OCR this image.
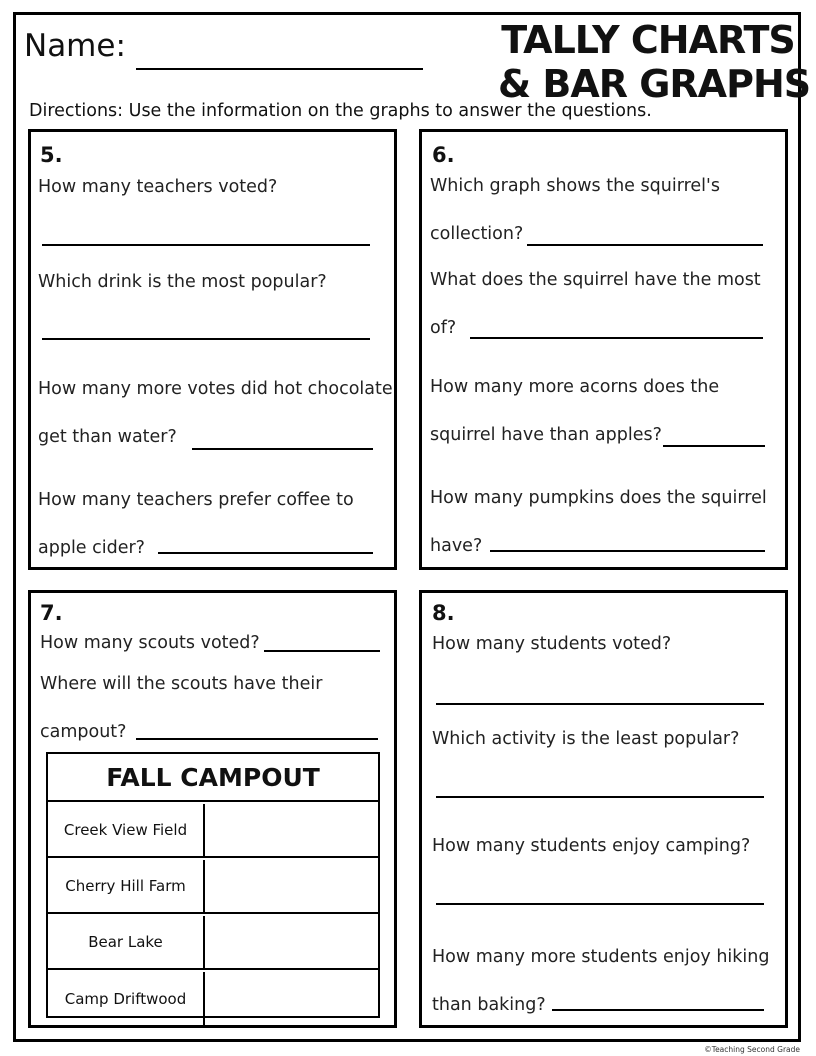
Name:	TALLY CHARTS
& BAR GRAPHS
Directions: Use the information on the graphs to answer the questions.
5.
How many teachers voted?
Which drink is the most popular?
How many more votes did hot chocolate
get than water?
How many teachers prefer coffee to
apple cider?
6.
Which graph shows the squirrel's
collection?
What does the squirrel have the most
of?
How many more acorns does the
squirrel have than apples?
How many pumpkins does the squirrel
have?
7.
How many scouts voted?
Where will the scouts have their
campout?
FALL CAMPOUT
Creek View Field
Cherry Hill Farm
Bear Lake
Camp Driftwood
8.
How many students voted?
Which activity is the least popular?
How many students enjoy camping?
How many more students enjoy hiking
than baking?
©Teaching Second Grade
